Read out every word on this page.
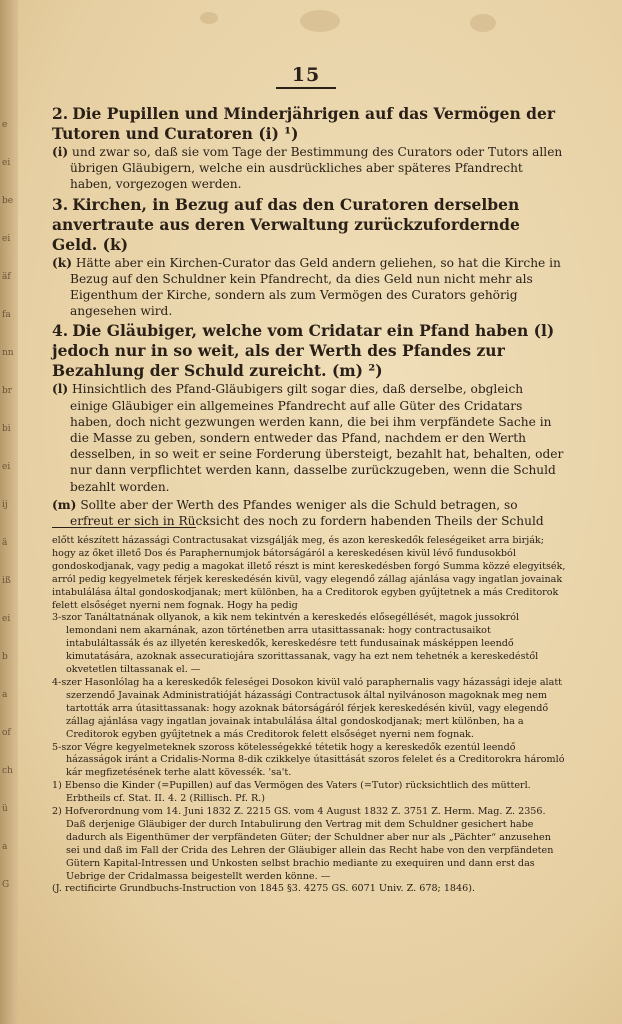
e
ei
be
ei
äf
fa
nn
br
bi
ei
ij
ä
iß
ei
b
a
of
ch
ü
a
G
15

2. Die Pupillen und Minderjährigen auf das Vermögen der Tutoren und Curatoren (i) ¹)

(i) und zwar so, daß sie vom Tage der Bestimmung des Curators oder Tutors allen übrigen Gläubigern, welche ein ausdrückliches aber späteres Pfandrecht haben, vorgezogen werden.

3. Kirchen, in Bezug auf das den Curatoren derselben anvertraute aus deren Verwaltung zurückzufordernde Geld. (k)

(k) Hätte aber ein Kirchen-Curator das Geld andern geliehen, so hat die Kirche in Bezug auf den Schuldner kein Pfandrecht, da dies Geld nun nicht mehr als Eigenthum der Kirche, sondern als zum Vermögen des Curators gehörig angesehen wird.

4. Die Gläubiger, welche vom Cridatar ein Pfand haben (l) jedoch nur in so weit, als der Werth des Pfandes zur Bezahlung der Schuld zureicht. (m) ²)

(l) Hinsichtlich des Pfand-Gläubigers gilt sogar dies, daß derselbe, obgleich einige Gläubiger ein allgemeines Pfandrecht auf alle Güter des Cridatars haben, doch nicht gezwungen werden kann, die bei ihm verpfändete Sache in die Masse zu geben, sondern entweder das Pfand, nachdem er den Werth desselben, in so weit er seine Forderung übersteigt, bezahlt hat, behalten, oder nur dann verpflichtet werden kann, dasselbe zurückzugeben, wenn die Schuld bezahlt worden.

(m) Sollte aber der Werth des Pfandes weniger als die Schuld betragen, so erfreut er sich in Rücksicht des noch zu fordern habenden Theils der Schuld

előtt készített házassági Contractusakat vizsgálják meg, és azon kereskedők feleségeiket arra birják; hogy az őket illető Dos és Paraphernumjok bátorságáról a kereskedésen kivül lévő fundusokból gondoskodjanak, vagy pedig a magokat illető részt is mint kereskedésben forgó Summa közzé elegyitsék, arról pedig kegyelmetek férjek kereskedésén kivül, vagy elegendő zállag ajánlása vagy ingatlan jovainak intabulálása által gondoskodjanak; mert különben, ha a Creditorok egyben gyűjtetnek a más Creditorok felett elsőséget nyerni nem fognak. Hogy ha pedig

3-szor Tanáltatnának ollyanok, a kik nem tekintvén a kereskedés elősegéllését, magok jussokról lemondani nem akarnának, azon történetben arra utasittassanak: hogy contractusaikot intabuláltassák és az illyetén kereskedők, kereskedésre tett fundusainak másképpen leendő kimutatására, azoknak assecuratiojára szorittassanak, vagy ha ezt nem tehetnék a kereskedéstől okvetetlen tiltassanak el. —

4-szer Hasonlólag ha a kereskedők feleségei Dosokon kivül való paraphernalis vagy házassági ideje alatt szerzendő Javainak Administratióját házassági Contractusok által nyilvánoson magoknak meg nem tartották arra útasittassanak: hogy azoknak bátorságáról férjek kereskedésén kivül, vagy elegendő zállag ajánlása vagy ingatlan jovainak intabulálása által gondoskodjanak; mert különben, ha a Creditorok egyben gyűjtetnek a más Creditorok felett elsőséget nyerni nem fognak.

5-szor Végre kegyelmeteknek szoross kötelességekké tétetik hogy a kereskedők ezentúl leendő házasságok iránt a Cridalis-Norma 8-dik czikkelye útasittását szoros felelet és a Creditorokra háromló kár megfizetésének terhe alatt kövessék. 'sa't.

1) Ebenso die Kinder (=Pupillen) auf das Vermögen des Vaters (=Tutor) rücksichtlich des mütterl. Erbtheils cf. Stat. II. 4. 2 (Rillisch. Pf. R.)

2) Hofverordnung vom 14. Juni 1832 Z. 2215 GS. vom 4 August 1832 Z. 3751 Z. Herm. Mag. Z. 2356. Daß derjenige Gläubiger der durch Intabulirung den Vertrag mit dem Schuldner gesichert habe dadurch als Eigenthümer der verpfändeten Güter; der Schuldner aber nur als „Pächter“ anzusehen sei und daß im Fall der Crida des Lehren der Gläubiger allein das Recht habe von den verpfändeten Gütern Kapital-Intressen und Unkosten selbst brachio mediante zu exequiren und dann erst das Uebrige der Cridalmassa beigestellt werden könne. —

(J. rectificirte Grundbuchs-Instruction von 1845 §3. 4275 GS. 6071 Univ. Z. 678; 1846).
